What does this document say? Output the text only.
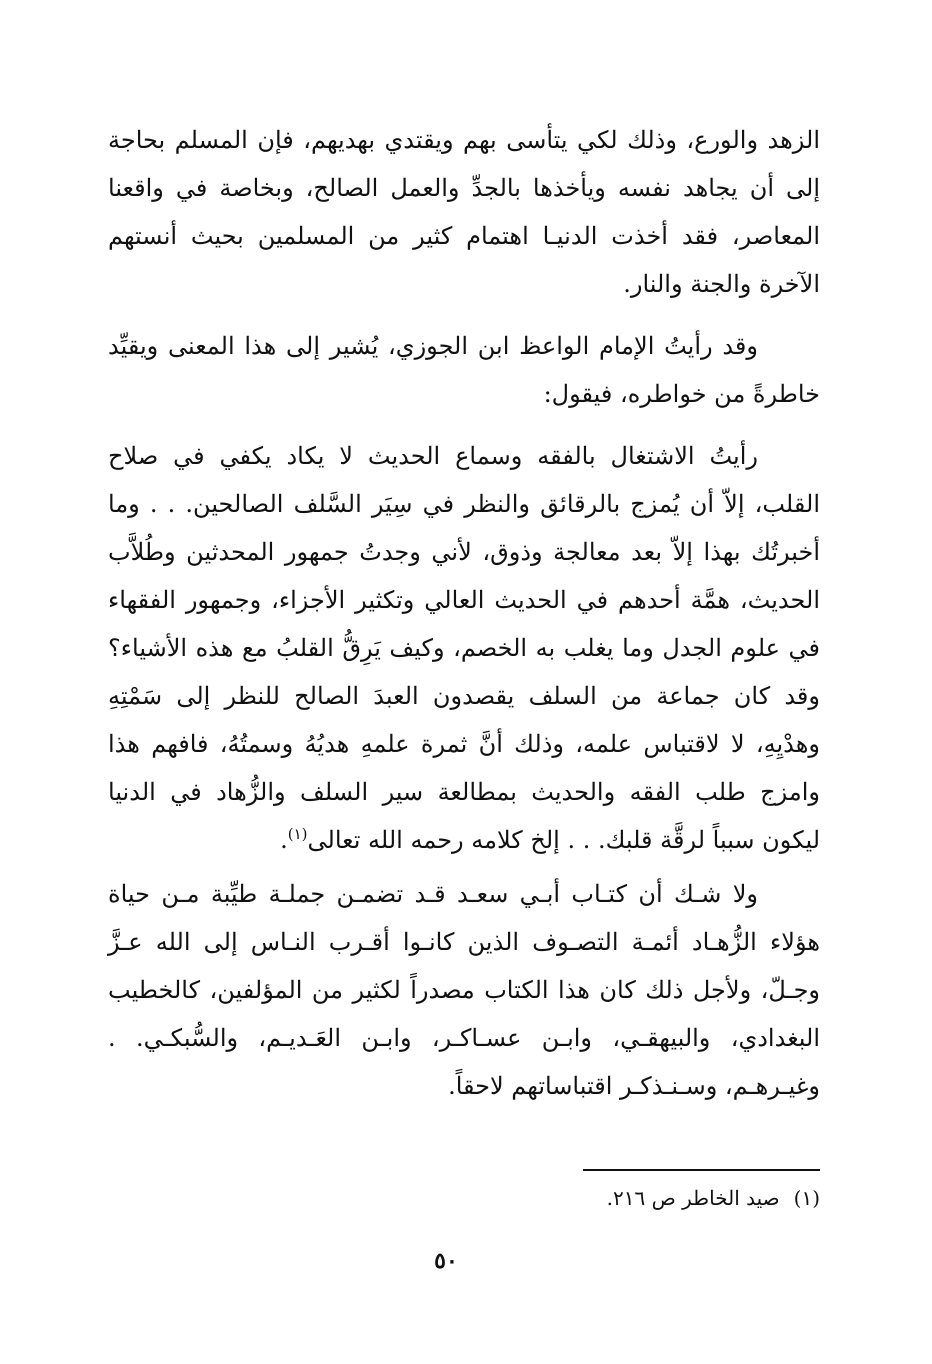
الزهد والورع، وذلك لكي يتأسى بهم ويقتدي بهديهم، فإن المسلم بحاجة إلى أن يجاهد نفسه ويأخذها بالجدِّ والعمل الصالح، وبخاصة في واقعنا المعاصر، فقد أخذت الدنيـا اهتمام كثير من المسلمين بحيث أنستهم الآخرة والجنة والنار.

وقد رأيتُ الإمام الواعظ ابن الجوزي، يُشير إلى هذا المعنى ويقيِّد خاطرةً من خواطره، فيقول:

رأيتُ الاشتغال بالفقه وسماع الحديث لا يكاد يكفي في صلاح القلب، إلاّ أن يُمزج بالرقائق والنظر في سِيَر السَّلف الصالحين. . . وما أخبرتُك بهذا إلاّ بعد معالجة وذوق، لأني وجدتُ جمهور المحدثين وطُلاَّب الحديث، همَّة أحدهم في الحديث العالي وتكثير الأجزاء، وجمهور الفقهاء في علوم الجدل وما يغلب به الخصم، وكيف يَرِقُّ القلبُ مع هذه الأشياء؟ وقد كان جماعة من السلف يقصدون العبدَ الصالح للنظر إلى سَمْتِهِ وهدْيِهِ، لا لاقتباس علمه، وذلك أنَّ ثمرة علمهِ هديُهُ وسمتُهُ، فافهم هذا وامزج طلب الفقه والحديث بمطالعة سير السلف والزُّهاد في الدنيا ليكون سبباً لرقَّة قلبك. . . إلخ كلامه رحمه الله تعالى$^{(١)}$.

ولا شـك أن كتـاب أبـي سعـد قـد تضمـن جملـة طيِّبة مـن حياة هؤلاء الزُّهـاد أئمـة التصـوف الذين كانـوا أقـرب النـاس إلى الله عـزَّ وجـلّ، ولأجل ذلك كان هذا الكتاب مصدراً لكثير من المؤلفين، كالخطيب البغدادي، والبيهقـي، وابـن عسـاكـر، وابـن العَـديـم، والسُّبكـي. . وغيـرهـم، وسـنـذكـر اقتباساتهم لاحقاً.

(١)صيد الخاطر ص ٢١٦.
٥٠
